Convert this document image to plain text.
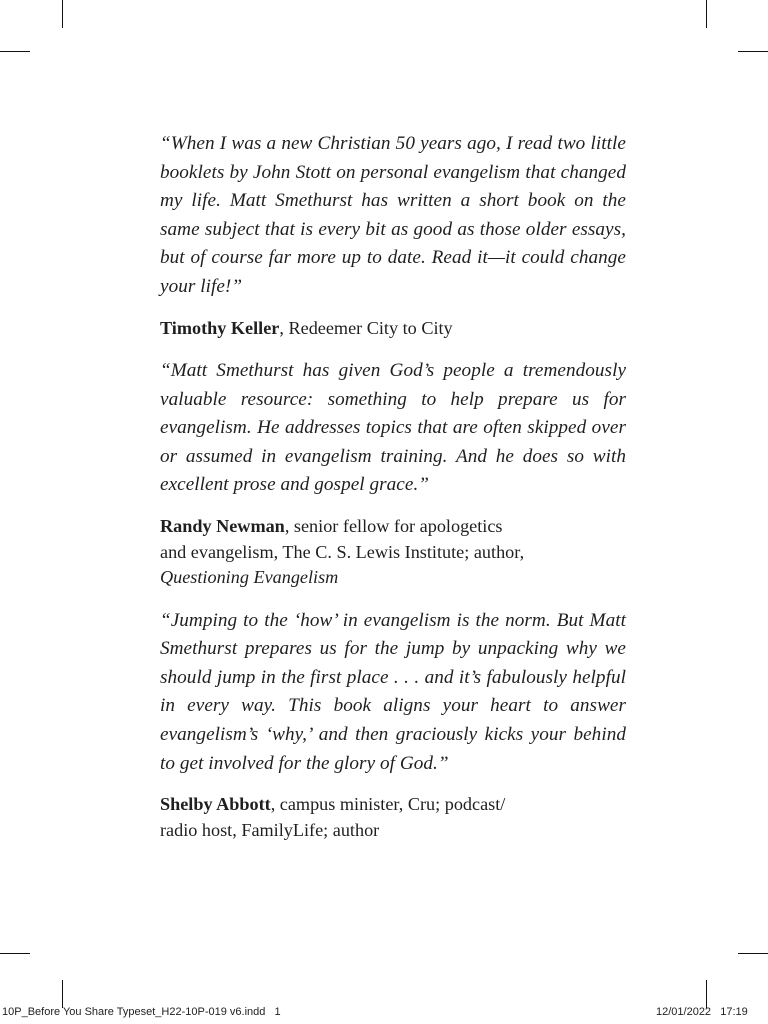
“When I was a new Christian 50 years ago, I read two little booklets by John Stott on personal evangelism that changed my life. Matt Smethurst has written a short book on the same subject that is every bit as good as those older essays, but of course far more up to date. Read it—it could change your life!”

Timothy Keller, Redeemer City to City

“Matt Smethurst has given God’s people a tremendously valuable resource: something to help prepare us for evangelism. He addresses topics that are often skipped over or assumed in evangelism training. And he does so with excellent prose and gospel grace.”

Randy Newman, senior fellow for apologetics
and evangelism, The C. S. Lewis Institute; author,
Questioning Evangelism

“Jumping to the ‘how’ in evangelism is the norm. But Matt Smethurst prepares us for the jump by unpacking why we should jump in the first place . . . and it’s fabulously helpful in every way. This book aligns your heart to answer evangelism’s ‘why,’ and then graciously kicks your behind to get involved for the glory of God.”

Shelby Abbott, campus minister, Cru; podcast/
radio host, FamilyLife; author

10P_Before You Share Typeset_H22-10P-019 v6.indd   1	12/01/2022   17:19
